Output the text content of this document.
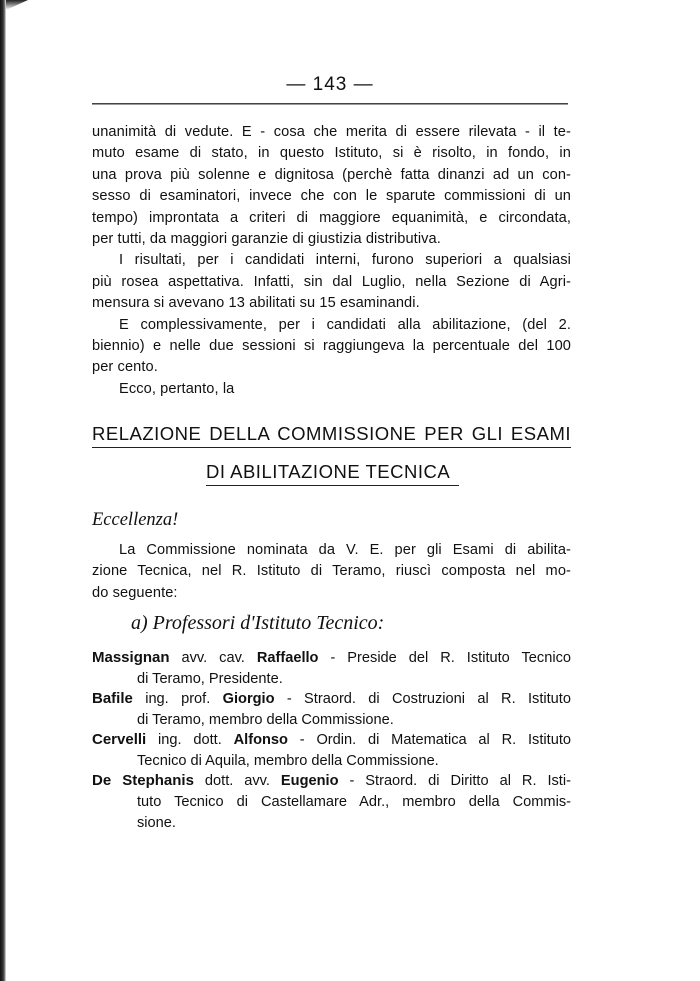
— 143 —
unanimità di vedute. E - cosa che merita di essere rilevata - il te-
muto esame di stato, in questo Istituto, si è risolto, in fondo, in
una prova più solenne e dignitosa (perchè fatta dinanzi ad un con-
sesso di esaminatori, invece che con le sparute commissioni di un
tempo) improntata a criteri di maggiore equanimità, e circondata,
per tutti, da maggiori garanzie di giustizia distributiva.
I risultati, per i candidati interni, furono superiori a qualsiasi
più rosea aspettativa. Infatti, sin dal Luglio, nella Sezione di Agri-
mensura si avevano 13 abilitati su 15 esaminandi.
E complessivamente, per i candidati alla abilitazione, (del 2.
biennio) e nelle due sessioni si raggiungeva la percentuale del 100
per cento.
Ecco, pertanto, la
RELAZIONE DELLA COMMISSIONE PER GLI ESAMI
DI ABILITAZIONE TECNICA
Eccellenza!
La Commissione nominata da V. E. per gli Esami di abilita-
zione Tecnica, nel R. Istituto di Teramo, riuscì composta nel mo-
do seguente:
a) Professori d'Istituto Tecnico:
Massignan avv. cav. Raffaello - Preside del R. Istituto Tecnico
di Teramo, Presidente.
Bafile ing. prof. Giorgio - Straord. di Costruzioni al R. Istituto
di Teramo, membro della Commissione.
Cervelli ing. dott. Alfonso - Ordin. di Matematica al R. Istituto
Tecnico di Aquila, membro della Commissione.
De Stephanis dott. avv. Eugenio - Straord. di Diritto al R. Isti-
tuto Tecnico di Castellamare Adr., membro della Commis-
sione.
